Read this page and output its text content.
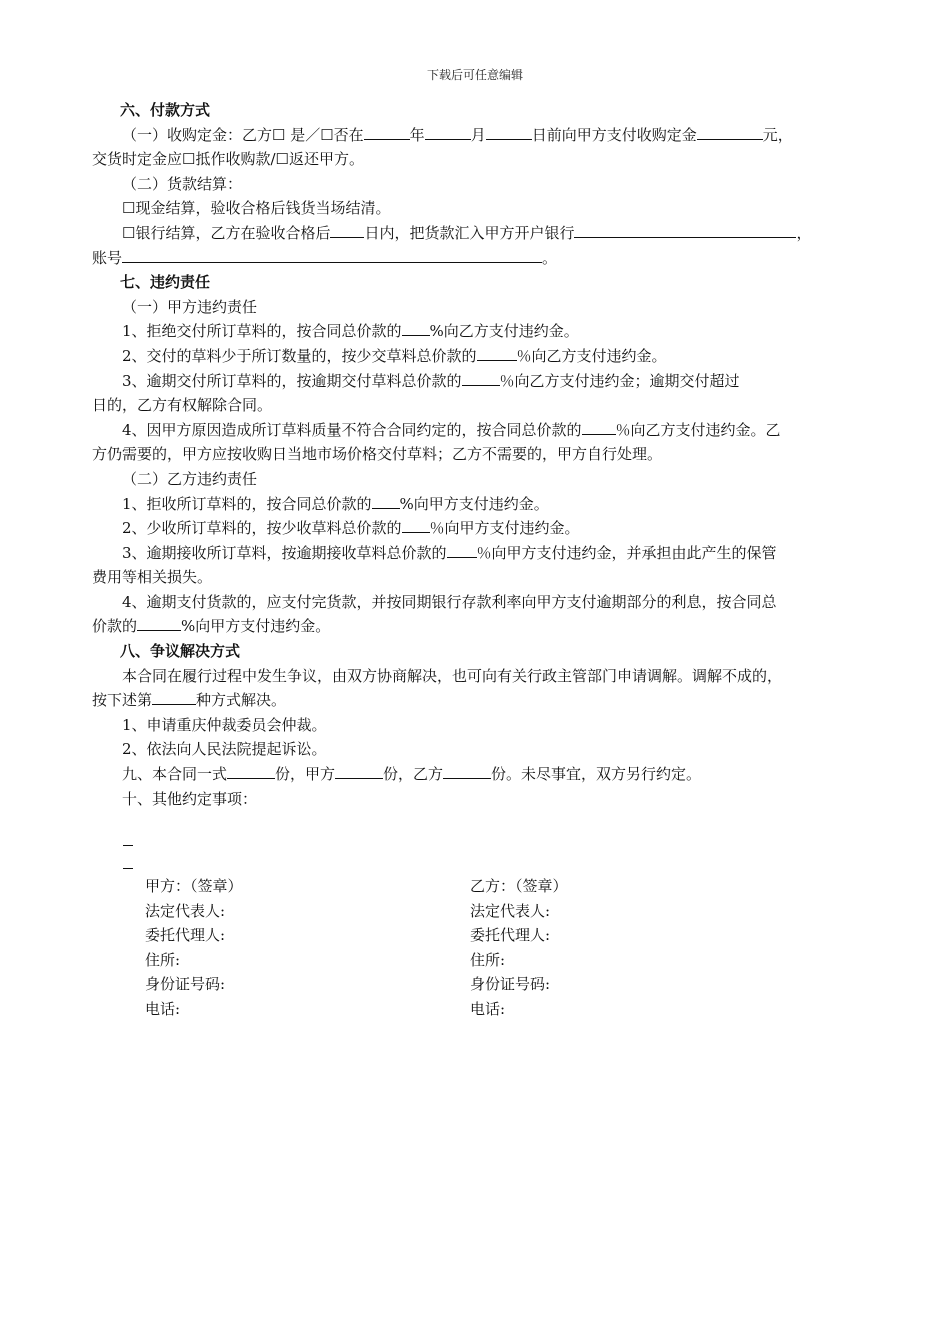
下载后可任意编辑
六、付款方式
（一）收购定金：乙方☐ 是／☐否在	年	月	日前向甲方支付收购定金	元，
交货时定金应☐抵作收购款/☐返还甲方。
（二）货款结算：
☐现金结算，验收合格后钱货当场结清。
☐银行结算，乙方在验收合格后 日内，把货款汇入甲方开户银行	，
账号	。
七、违约责任
（一）甲方违约责任
1、拒绝交付所订草料的，按合同总价款的 %向乙方支付违约金。
2、交付的草料少于所订数量的，按少交草料总价款的	％向乙方支付违约金。
3、逾期交付所订草料的，按逾期交付草料总价款的	％向乙方支付违约金；逾期交付超过
日的，乙方有权解除合同。
4、因甲方原因造成所订草料质量不符合合同约定的，按合同总价款的 ％向乙方支付违约金。乙
方仍需要的，甲方应按收购日当地市场价格交付草料；乙方不需要的，甲方自行处理。
（二）乙方违约责任
1、拒收所订草料的，按合同总价款的 %向甲方支付违约金。
2、少收所订草料的，按少收草料总价款的 ％向甲方支付违约金。
3、逾期接收所订草料，按逾期接收草料总价款的 ％向甲方支付违约金，并承担由此产生的保管
费用等相关损失。
4、逾期支付货款的，应支付完货款，并按同期银行存款利率向甲方支付逾期部分的利息，按合同总
价款的	%向甲方支付违约金。
八、争议解决方式
本合同在履行过程中发生争议，由双方协商解决，也可向有关行政主管部门申请调解。调解不成的，
按下述第	种方式解决。
1、申请重庆仲裁委员会仲裁。
2、依法向人民法院提起诉讼。
九、本合同一式	份，甲方	份，乙方	份。未尽事宜，双方另行约定。
十、其他约定事项：
甲方：（签章）	乙方：（签章）
法定代表人:	法定代表人:
委托代理人:	委托代理人:
住所:	住所:
身份证号码:	身份证号码:
电话:	电话:
